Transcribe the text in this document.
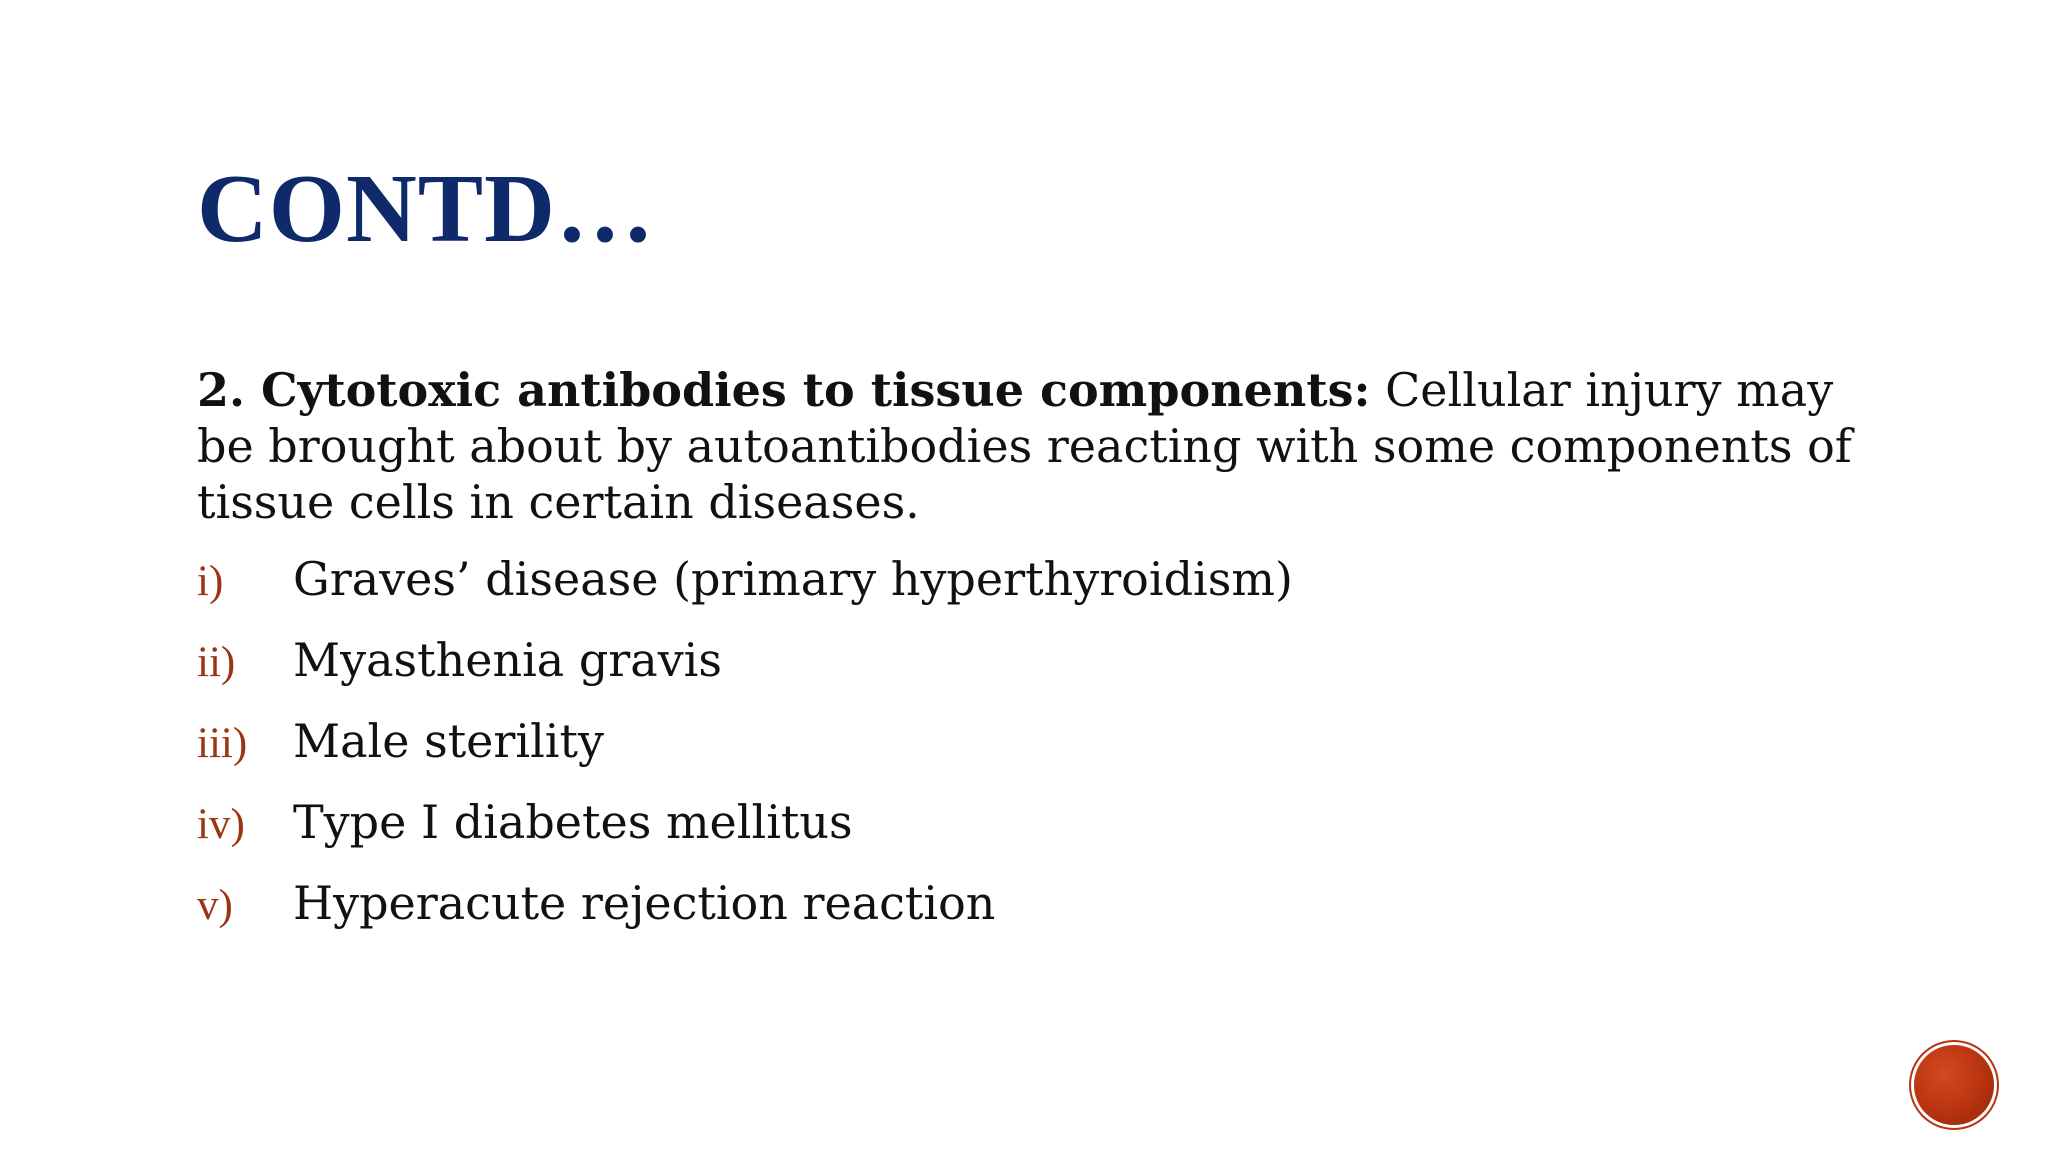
CONTD…

2. Cytotoxic antibodies to tissue components: Cellular injury may be brought about by autoantibodies reacting with some components of tissue cells in certain diseases.

i)	Graves’ disease (primary hyperthyroidism)
ii)	Myasthenia gravis
iii) Male sterility
iv)	Type I diabetes mellitus
v)	Hyperacute rejection reaction
